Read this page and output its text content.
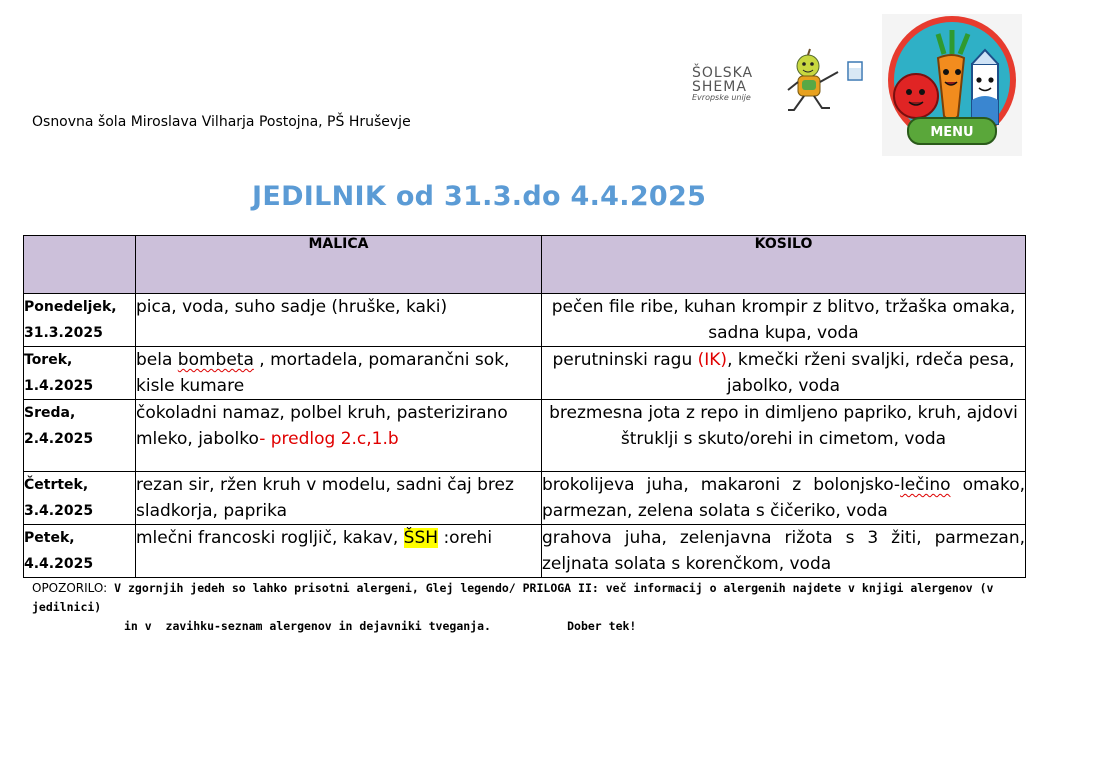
Osnovna šola Miroslava Vilharja Postojna, PŠ Hruševje
ŠOLSKA
SHEMA
Evropske unije
MENU
JEDILNIK od 31.3.do 4.4.2025
	MALICA	KOSILO

Ponedeljek,
31.3.2025	pica, voda, suho sadje (hruške, kaki)	pečen file ribe, kuhan krompir z blitvo, tržaška omaka, sadna kupa, voda

Torek,
1.4.2025	bela bombeta , mortadela, pomarančni sok, kisle kumare	perutninski ragu (IK), kmečki rženi svaljki, rdeča pesa, jabolko, voda

Sreda,
2.4.2025	čokoladni namaz, polbel kruh, pasterizirano mleko, jabolko- predlog 2.c,1.b	brezmesna jota z repo in dimljeno papriko, kruh, ajdovi štruklji s skuto/orehi in cimetom, voda

Četrtek,
3.4.2025	rezan sir, ržen kruh v modelu, sadni čaj brez sladkorja, paprika	brokolijeva juha, makaroni z bolonjsko-lečino omako, parmezan, zelena solata s čičeriko, voda

Petek,
4.4.2025	mlečni francoski rogljič, kakav, ŠSH :orehi	grahova juha, zelenjavna rižota s 3 žiti, parmezan, zeljnata solata s korenčkom, voda
OPOZORILO: V zgornjih jedeh so lahko prisotni alergeni, Glej legendo/ PRILOGA II: več informacij o alergenih najdete v knjigi alergenov (v jedilnici)
in v  zavihku-seznam alergenov in dejavniki tveganja.           Dober tek!
